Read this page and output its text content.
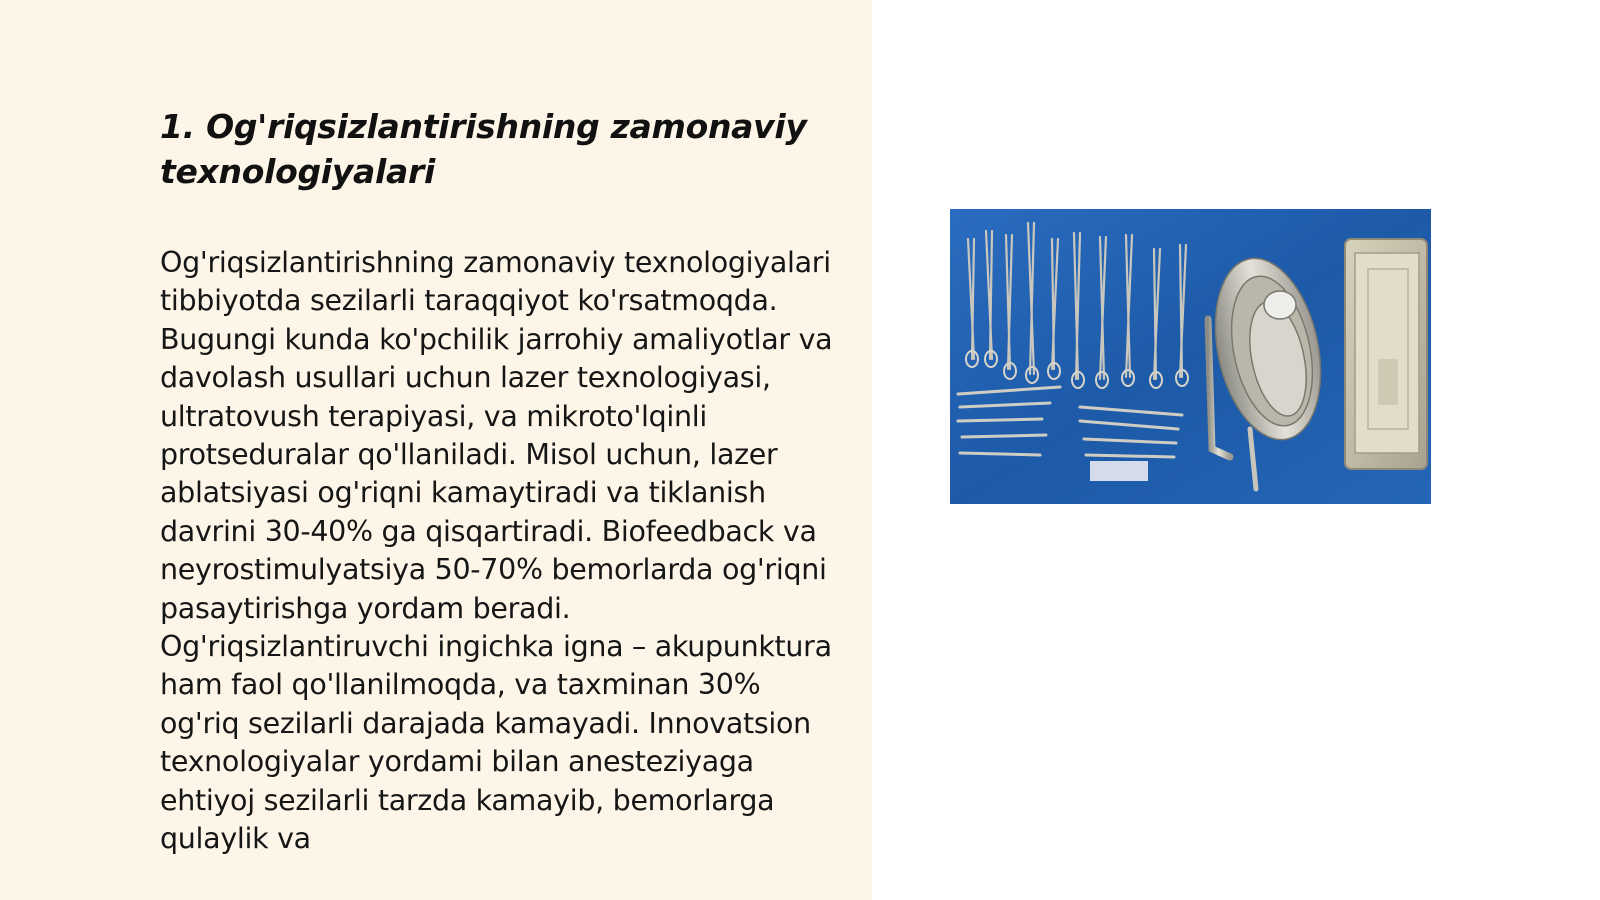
1. Og'riqsizlantirishning zamonaviy texnologiyalari

Og'riqsizlantirishning zamonaviy texnologiyalari tibbiyotda sezilarli taraqqiyot ko'rsatmoqda. Bugungi kunda ko'pchilik jarrohiy amaliyotlar va davolash usullari uchun lazer texnologiyasi, ultratovush terapiyasi, va mikroto'lqinli protseduralar qo'llaniladi. Misol uchun, lazer ablatsiyasi og'riqni kamaytiradi va tiklanish davrini 30-40% ga qisqartiradi. Biofeedback va neyrostimulyatsiya 50-70% bemorlarda og'riqni pasaytirishga yordam beradi. Og'riqsizlantiruvchi ingichka igna – akupunktura ham faol qo'llanilmoqda, va taxminan 30% og'riq sezilarli darajada kamayadi. Innovatsion texnologiyalar yordami bilan anesteziyaga ehtiyoj sezilarli tarzda kamayib, bemorlarga qulaylik va
